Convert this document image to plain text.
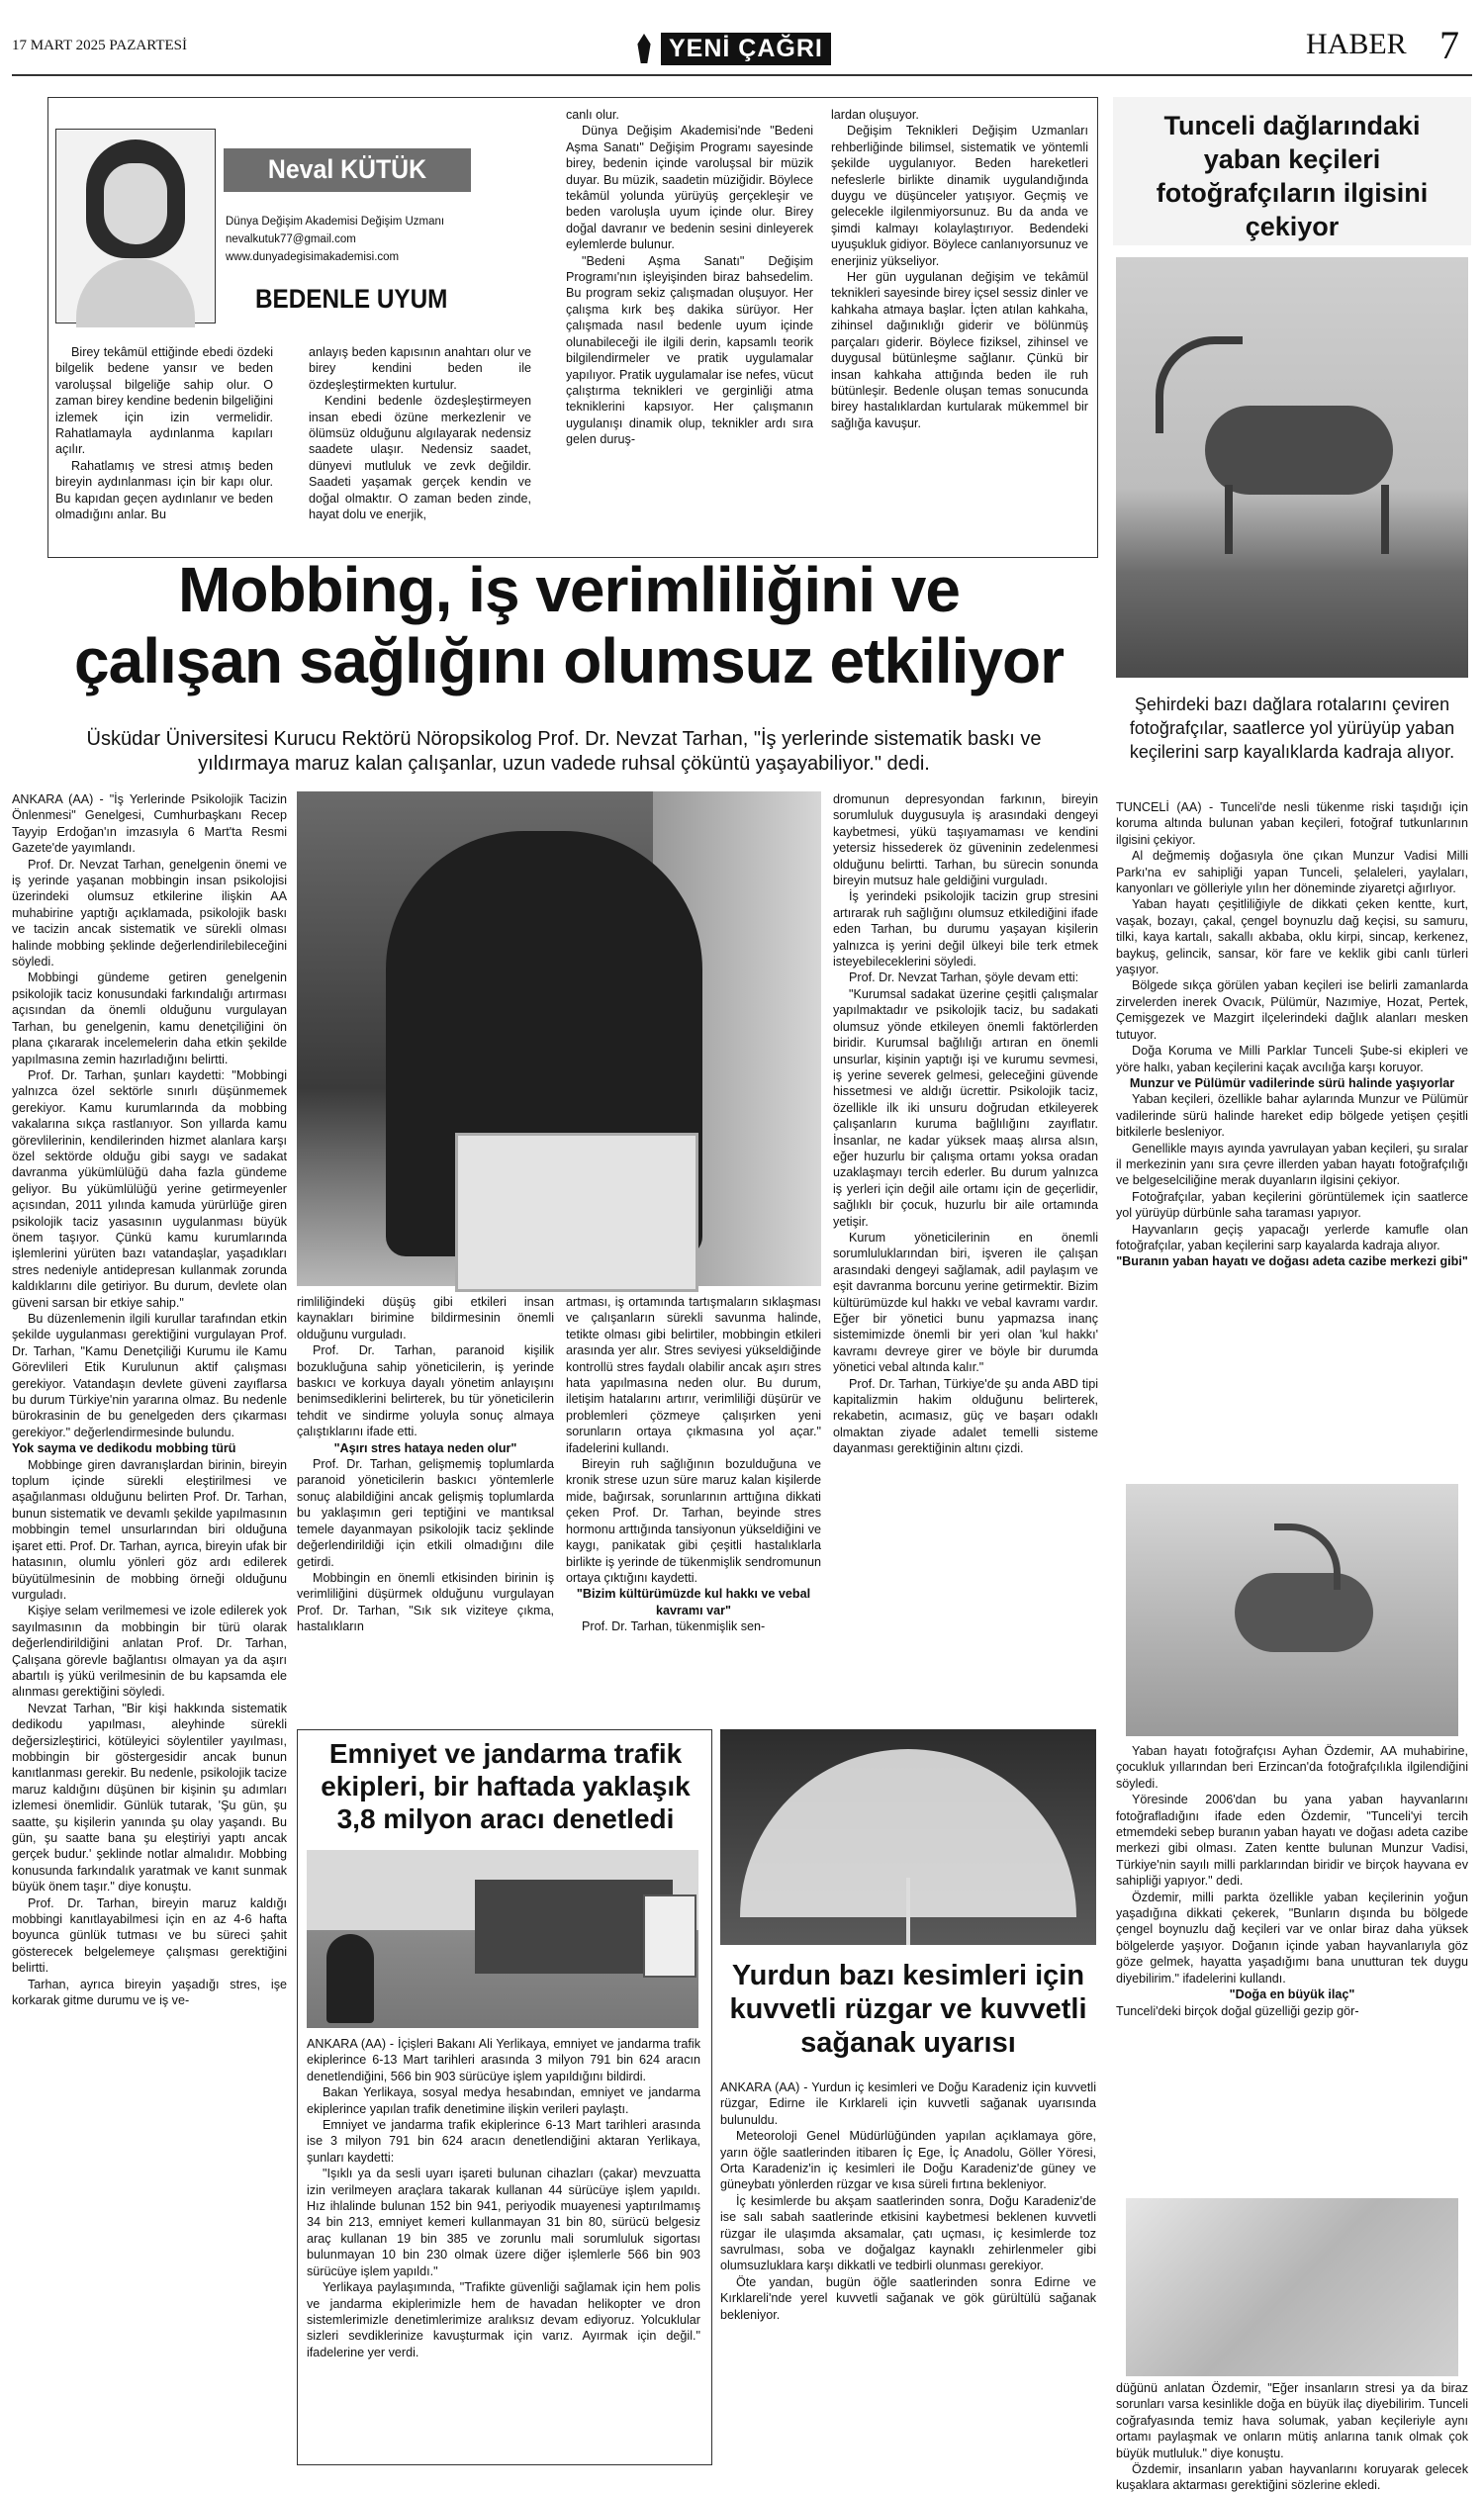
17 MART 2025 PAZARTESİ	YENİ ÇAĞRI	HABER 7
Neval KÜTÜK
Dünya Değişim Akademisi Değişim Uzmanı
nevalkutuk77@gmail.com
www.dunyadegisimakademisi.com
BEDENLE UYUM

Birey tekâmül ettiğinde ebedi özdeki bilgelik bedene yansır ve beden varoluşsal bilgeliğe sahip olur. O zaman birey kendine bedenin bilgeliğini izlemek için izin vermelidir. Rahatlamayla aydınlanma kapıları açılır.

Rahatlamış ve stresi atmış beden bireyin aydınlanması için bir kapı olur. Bu kapıdan geçen aydınlanır ve beden olmadığını anlar. Bu

anlayış beden kapısının anahtarı olur ve birey kendini beden ile özdeşleştirmekten kurtulur.

Kendini bedenle özdeşleştirmeyen insan ebedi özüne merkezlenir ve ölümsüz olduğunu algılayarak nedensiz saadete ulaşır. Nedensiz saadet, dünyevi mutluluk ve zevk değildir. Saadeti yaşamak gerçek kendin ve doğal olmaktır. O zaman beden zinde, hayat dolu ve enerjik,

canlı olur.

Dünya Değişim Akademisi'nde "Bedeni Aşma Sanatı" Değişim Programı sayesinde birey, bedenin içinde varoluşsal bir müzik duyar. Bu müzik, saadetin müziğidir. Böylece tekâmül yolunda yürüyüş gerçekleşir ve beden varoluşla uyum içinde olur. Birey doğal davranır ve bedenin sesini dinleyerek eylemlerde bulunur.

"Bedeni Aşma Sanatı" Değişim Programı'nın işleyişinden biraz bahsedelim. Bu program sekiz çalışmadan oluşuyor. Her çalışma kırk beş dakika sürüyor. Her çalışmada nasıl bedenle uyum içinde olunabileceği ile ilgili derin, kapsamlı teorik bilgilendirmeler ve pratik uygulamalar yapılıyor. Pratik uygulamalar ise nefes, vücut çalıştırma teknikleri ve gerginliği atma tekniklerini kapsıyor. Her çalışmanın uygulanışı dinamik olup, teknikler ardı sıra gelen duruş-

lardan oluşuyor.

Değişim Teknikleri Değişim Uzmanları rehberliğinde bilimsel, sistematik ve yöntemli şekilde uygulanıyor. Beden hareketleri nefeslerle birlikte dinamik uygulandığında duygu ve düşünceler yatışıyor. Geçmiş ve gelecekle ilgilenmiyorsunuz. Bu da anda ve şimdi kalmayı kolaylaştırıyor. Bedendeki uyuşukluk gidiyor. Böylece canlanıyorsunuz ve enerjiniz yükseliyor.

Her gün uygulanan değişim ve tekâmül teknikleri sayesinde birey içsel sessiz dinler ve kahkaha atmaya başlar. İçten atılan kahkaha, zihinsel dağınıklığı giderir ve bölünmüş parçaları giderir. Böylece fiziksel, zihinsel ve duygusal bütünleşme sağlanır. Çünkü bir insan kahkaha attığında beden ile ruh bütünleşir. Bedenle oluşan temas sonucunda birey hastalıklardan kurtularak mükemmel bir sağlığa kavuşur.

Mobbing, iş verimliliğini ve
çalışan sağlığını olumsuz etkiliyor
Üsküdar Üniversitesi Kurucu Rektörü Nöropsikolog Prof. Dr. Nevzat Tarhan, "İş yerlerinde sistematik baskı ve yıldırmaya maruz kalan çalışanlar, uzun vadede ruhsal çöküntü yaşayabiliyor." dedi.

ANKARA (AA) - "İş Yerlerinde Psikolojik Tacizin Önlenmesi" Genelgesi, Cumhurbaşkanı Recep Tayyip Erdoğan'ın imzasıyla 6 Mart'ta Resmi Gazete'de yayımlandı.

Prof. Dr. Nevzat Tarhan, genelgenin önemi ve iş yerinde yaşanan mobbingin insan psikolojisi üzerindeki olumsuz etkilerine ilişkin AA muhabirine yaptığı açıklamada, psikolojik baskı ve tacizin ancak sistematik ve sürekli olması halinde mobbing şeklinde değerlendirilebileceğini söyledi.

Mobbingi gündeme getiren genelgenin psikolojik taciz konusundaki farkındalığı artırması açısından da önemli olduğunu vurgulayan Tarhan, bu genelgenin, kamu denetçiliğini ön plana çıkararak incelemelerin daha etkin şekilde yapılmasına zemin hazırladığını belirtti.

Prof. Dr. Tarhan, şunları kaydetti: "Mobbingi yalnızca özel sektörle sınırlı düşünmemek gerekiyor. Kamu kurumlarında da mobbing vakalarına sıkça rastlanıyor. Son yıllarda kamu görevlilerinin, kendilerinden hizmet alanlara karşı özel sektörde olduğu gibi saygı ve sadakat davranma yükümlülüğü daha fazla gündeme geliyor. Bu yükümlülüğü yerine getirmeyenler açısından, 2011 yılında kamuda yürürlüğe giren psikolojik taciz yasasının uygulanması büyük önem taşıyor. Çünkü kamu kurumlarında işlemlerini yürüten bazı vatandaşlar, yaşadıkları stres nedeniyle antidepresan kullanmak zorunda kaldıklarını dile getiriyor. Bu durum, devlete olan güveni sarsan bir etkiye sahip."

Bu düzenlemenin ilgili kurullar tarafından etkin şekilde uygulanması gerektiğini vurgulayan Prof. Dr. Tarhan, "Kamu Denetçiliği Kurumu ile Kamu Görevlileri Etik Kurulunun aktif çalışması gerekiyor. Vatandaşın devlete güveni zayıflarsa bu durum Türkiye'nin yararına olmaz. Bu nedenle bürokrasinin de bu genelgeden ders çıkarması gerekiyor." değerlendirmesinde bulundu.

Yok sayma ve dedikodu mobbing türü

Mobbinge giren davranışlardan birinin, bireyin toplum içinde sürekli eleştirilmesi ve aşağılanması olduğunu belirten Prof. Dr. Tarhan, bunun sistematik ve devamlı şekilde yapılmasının mobbingin temel unsurlarından biri olduğuna işaret etti. Prof. Dr. Tarhan, ayrıca, bireyin ufak bir hatasının, olumlu yönleri göz ardı edilerek büyütülmesinin de mobbing örneği olduğunu vurguladı.

Kişiye selam verilmemesi ve izole edilerek yok sayılmasının da mobbingin bir türü olarak değerlendirildiğini anlatan Prof. Dr. Tarhan, Çalışana görevle bağlantısı olmayan ya da aşırı abartılı iş yükü verilmesinin de bu kapsamda ele alınması gerektiğini söyledi.

Nevzat Tarhan, "Bir kişi hakkında sistematik dedikodu yapılması, aleyhinde sürekli değersizleştirici, kötüleyici söylentiler yayılması, mobbingin bir göstergesidir ancak bunun kanıtlanması gerekir. Bu nedenle, psikolojik tacize maruz kaldığını düşünen bir kişinin şu adımları izlemesi önemlidir. Günlük tutarak, 'Şu gün, şu saatte, şu kişilerin yanında şu olay yaşandı. Bu gün, şu saatte bana şu eleştiriyi yaptı ancak gerçek budur.' şeklinde notlar almalıdır. Mobbing konusunda farkındalık yaratmak ve kanıt sunmak büyük önem taşır." diye konuştu.

Prof. Dr. Tarhan, bireyin maruz kaldığı mobbingi kanıtlayabilmesi için en az 4-6 hafta boyunca günlük tutması ve bu süreci şahit gösterecek belgelemeye çalışması gerektiğini belirtti.

Tarhan, ayrıca bireyin yaşadığı stres, işe korkarak gitme durumu ve iş ve-

rimliliğindeki düşüş gibi etkileri insan kaynakları birimine bildirmesinin önemli olduğunu vurguladı.

Prof. Dr. Tarhan, paranoid kişilik bozukluğuna sahip yöneticilerin, iş yerinde baskıcı ve korkuya dayalı yönetim anlayışını benimsediklerini belirterek, bu tür yöneticilerin tehdit ve sindirme yoluyla sonuç almaya çalıştıklarını ifade etti.

"Aşırı stres hataya neden olur"

Prof. Dr. Tarhan, gelişmemiş toplumlarda paranoid yöneticilerin baskıcı yöntemlerle sonuç alabildiğini ancak gelişmiş toplumlarda bu yaklaşımın geri teptiğini ve mantıksal temele dayanmayan psikolojik taciz şeklinde değerlendirildiği için etkili olmadığını dile getirdi.

Mobbingin en önemli etkisinden birinin iş verimliliğini düşürmek olduğunu vurgulayan Prof. Dr. Tarhan, "Sık sık viziteye çıkma, hastalıkların

artması, iş ortamında tartışmaların sıklaşması ve çalışanların sürekli savunma halinde, tetikte olması gibi belirtiler, mobbingin etkileri arasında yer alır. Stres seviyesi yükseldiğinde kontrollü stres faydalı olabilir ancak aşırı stres hata yapılmasına neden olur. Bu durum, iletişim hatalarını artırır, verimliliği düşürür ve problemleri çözmeye çalışırken yeni sorunların ortaya çıkmasına yol açar." ifadelerini kullandı.

Bireyin ruh sağlığının bozulduğuna ve kronik strese uzun süre maruz kalan kişilerde mide, bağırsak, sorunlarının arttığına dikkati çeken Prof. Dr. Tarhan, beyinde stres hormonu arttığında tansiyonun yükseldiğini ve kaygı, panikatak gibi çeşitli hastalıklarla birlikte iş yerinde de tükenmişlik sendromunun ortaya çıktığını kaydetti.

"Bizim kültürümüzde kul hakkı ve vebal kavramı var"

Prof. Dr. Tarhan, tükenmişlik sen-

dromunun depresyondan farkının, bireyin sorumluluk duygusuyla iş arasındaki dengeyi kaybetmesi, yükü taşıyamaması ve kendini yetersiz hissederek öz güveninin zedelenmesi olduğunu belirtti. Tarhan, bu sürecin sonunda bireyin mutsuz hale geldiğini vurguladı.

İş yerindeki psikolojik tacizin grup stresini artırarak ruh sağlığını olumsuz etkilediğini ifade eden Tarhan, bu durumu yaşayan kişilerin yalnızca iş yerini değil ülkeyi bile terk etmek isteyebileceklerini söyledi.

Prof. Dr. Nevzat Tarhan, şöyle devam etti:

"Kurumsal sadakat üzerine çeşitli çalışmalar yapılmaktadır ve psikolojik taciz, bu sadakati olumsuz yönde etkileyen önemli faktörlerden biridir. Kurumsal bağlılığı artıran en önemli unsurlar, kişinin yaptığı işi ve kurumu sevmesi, iş yerine severek gelmesi, geleceğini güvende hissetmesi ve aldığı ücrettir. Psikolojik taciz, özellikle ilk iki unsuru doğrudan etkileyerek çalışanların kuruma bağlılığını zayıflatır. İnsanlar, ne kadar yüksek maaş alırsa alsın, eğer huzurlu bir çalışma ortamı yoksa oradan uzaklaşmayı tercih ederler. Bu durum yalnızca iş yerleri için değil aile ortamı için de geçerlidir, sağlıklı bir çocuk, huzurlu bir aile ortamında yetişir.

Kurum yöneticilerinin en önemli sorumluluklarından biri, işveren ile çalışan arasındaki dengeyi sağlamak, adil paylaşım ve eşit davranma borcunu yerine getirmektir. Bizim kültürümüzde kul hakkı ve vebal kavramı vardır. Eğer bir yönetici bunu yapmazsa inanç sistemimizde önemli bir yeri olan 'kul hakkı' kavramı devreye girer ve böyle bir durumda yönetici vebal altında kalır."

Prof. Dr. Tarhan, Türkiye'de şu anda ABD tipi kapitalizmin hakim olduğunu belirterek, rekabetin, acımasız, güç ve başarı odaklı olmaktan ziyade adalet temelli sisteme dayanması gerektiğinin altını çizdi.

Emniyet ve jandarma trafik ekipleri, bir haftada yaklaşık 3,8 milyon aracı denetledi

ANKARA (AA) - İçişleri Bakanı Ali Yerlikaya, emniyet ve jandarma trafik ekiplerince 6-13 Mart tarihleri arasında 3 milyon 791 bin 624 aracın denetlendiğini, 566 bin 903 sürücüye işlem yapıldığını bildirdi.

Bakan Yerlikaya, sosyal medya hesabından, emniyet ve jandarma ekiplerince yapılan trafik denetimine ilişkin verileri paylaştı.

Emniyet ve jandarma trafik ekiplerince 6-13 Mart tarihleri arasında ise 3 milyon 791 bin 624 aracın denetlendiğini aktaran Yerlikaya, şunları kaydetti:

"Işıklı ya da sesli uyarı işareti bulunan cihazları (çakar) mevzuatta izin verilmeyen araçlara takarak kullanan 44 sürücüye işlem yapıldı. Hız ihlalinde bulunan 152 bin 941, periyodik muayenesi yaptırılmamış 34 bin 213, emniyet kemeri kullanmayan 31 bin 80, sürücü belgesiz araç kullanan 19 bin 385 ve zorunlu mali sorumluluk sigortası bulunmayan 10 bin 230 olmak üzere diğer işlemlerle 566 bin 903 sürücüye işlem yapıldı."

Yerlikaya paylaşımında, "Trafikte güvenliği sağlamak için hem polis ve jandarma ekiplerimizle hem de havadan helikopter ve dron sistemlerimizle denetimlerimize aralıksız devam ediyoruz. Yolcuklular sizleri sevdiklerinize kavuşturmak için varız. Ayırmak için değil." ifadelerine yer verdi.

Yurdun bazı kesimleri için kuvvetli rüzgar ve kuvvetli sağanak uyarısı

ANKARA (AA) - Yurdun iç kesimleri ve Doğu Karadeniz için kuvvetli rüzgar, Edirne ile Kırklareli için kuvvetli sağanak uyarısında bulunuldu.

Meteoroloji Genel Müdürlüğünden yapılan açıklamaya göre, yarın öğle saatlerinden itibaren İç Ege, İç Anadolu, Göller Yöresi, Orta Karadeniz'in iç kesimleri ile Doğu Karadeniz'de güney ve güneybatı yönlerden rüzgar ve kısa süreli fırtına bekleniyor.

İç kesimlerde bu akşam saatlerinden sonra, Doğu Karadeniz'de ise salı sabah saatlerinde etkisini kaybetmesi beklenen kuvvetli rüzgar ile ulaşımda aksamalar, çatı uçması, iç kesimlerde toz savrulması, soba ve doğalgaz kaynaklı zehirlenmeler gibi olumsuzluklara karşı dikkatli ve tedbirli olunması gerekiyor.

Öte yandan, bugün öğle saatlerinden sonra Edirne ve Kırklareli'nde yerel kuvvetli sağanak ve gök gürültülü sağanak bekleniyor.

Tunceli dağlarındaki yaban keçileri fotoğrafçıların ilgisini çekiyor
Şehirdeki bazı dağlara rotalarını çeviren fotoğrafçılar, saatlerce yol yürüyüp yaban keçilerini sarp kayalıklarda kadraja alıyor.

TUNCELİ (AA) - Tunceli'de nesli tükenme riski taşıdığı için koruma altında bulunan yaban keçileri, fotoğraf tutkunlarının ilgisini çekiyor.

Al değmemiş doğasıyla öne çıkan Munzur Vadisi Milli Parkı'na ev sahipliği yapan Tunceli, şelaleleri, yaylaları, kanyonları ve gölleriyle yılın her döneminde ziyaretçi ağırlıyor.

Yaban hayatı çeşitliliğiyle de dikkati çeken kentte, kurt, vaşak, bozayı, çakal, çengel boynuzlu dağ keçisi, su samuru, tilki, kaya kartalı, sakallı akbaba, oklu kirpi, sincap, kerkenez, baykuş, gelincik, sansar, kör fare ve keklik gibi canlı türleri yaşıyor.

Bölgede sıkça görülen yaban keçileri ise belirli zamanlarda zirvelerden inerek Ovacık, Pülümür, Nazımiye, Hozat, Pertek, Çemişgezek ve Mazgirt ilçelerindeki dağlık alanları mesken tutuyor.

Doğa Koruma ve Milli Parklar Tunceli Şube-si ekipleri ve yöre halkı, yaban keçilerini kaçak avcılığa karşı koruyor.

Munzur ve Pülümür vadilerinde sürü halinde yaşıyorlar

Yaban keçileri, özellikle bahar aylarında Munzur ve Pülümür vadilerinde sürü halinde hareket edip bölgede yetişen çeşitli bitkilerle besleniyor.

Genellikle mayıs ayında yavrulayan yaban keçileri, şu sıralar il merkezinin yanı sıra çevre illerden yaban hayatı fotoğrafçılığı ve belgeselciliğine merak duyanların ilgisini çekiyor.

Fotoğrafçılar, yaban keçilerini görüntülemek için saatlerce yol yürüyüp dürbünle saha taraması yapıyor.

Hayvanların geçiş yapacağı yerlerde kamufle olan fotoğrafçılar, yaban keçilerini sarp kayalarda kadraja alıyor.

"Buranın yaban hayatı ve doğası adeta cazibe merkezi gibi"

Yaban hayatı fotoğrafçısı Ayhan Özdemir, AA muhabirine, çocukluk yıllarından beri Erzincan'da fotoğrafçılıkla ilgilendiğini söyledi.

Yöresinde 2006'dan bu yana yaban hayvanlarını fotoğrafladığını ifade eden Özdemir, "Tunceli'yi tercih etmemdeki sebep buranın yaban hayatı ve doğası adeta cazibe merkezi gibi olması. Zaten kentte bulunan Munzur Vadisi, Türkiye'nin sayılı milli parklarından biridir ve birçok hayvana ev sahipliği yapıyor." dedi.

Özdemir, milli parkta özellikle yaban keçilerinin yoğun yaşadığına dikkati çekerek, "Bunların dışında bu bölgede çengel boynuzlu dağ keçileri var ve onlar biraz daha yüksek bölgelerde yaşıyor. Doğanın içinde yaban hayvanlarıyla göz göze gelmek, hayatta yaşadığımı bana unutturan tek duygu diyebilirim." ifadelerini kullandı.

"Doğa en büyük ilaç"

Tunceli'deki birçok doğal güzelliği gezip gör-

düğünü anlatan Özdemir, "Eğer insanların stresi ya da biraz sorunları varsa kesinlikle doğa en büyük ilaç diyebilirim. Tunceli coğrafyasında temiz hava solumak, yaban keçileriyle aynı ortamı paylaşmak ve onların mütiş anlarına tanık olmak çok büyük mutluluk." diye konuştu.

Özdemir, insanların yaban hayvanlarını koruyarak gelecek kuşaklara aktarması gerektiğini sözlerine ekledi.
